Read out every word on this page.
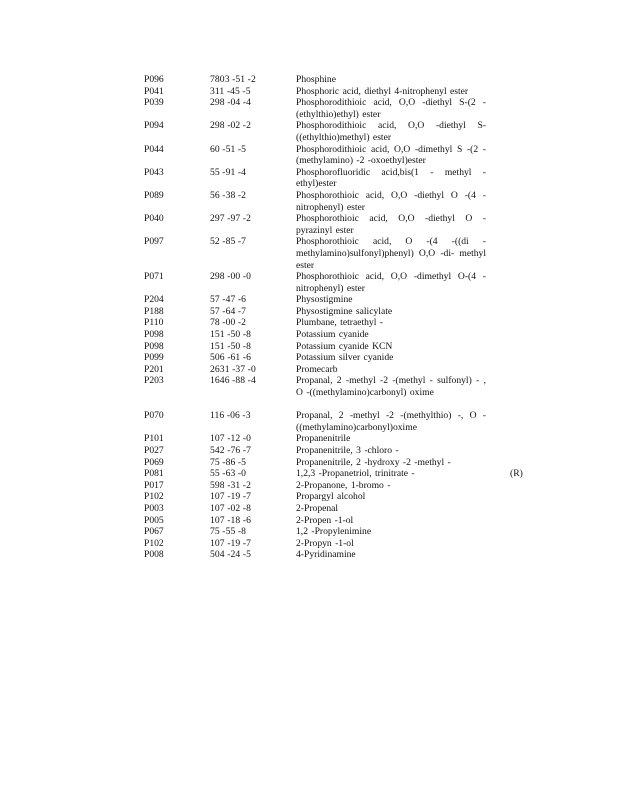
P096	7803 -51 -2	Phosphine
P041	311 -45 -5	Phosphoric acid, diethyl 4-nitrophenyl ester
P039	298 -04 -4	Phosphorodithioic acid, O,O -diethyl S-(2 -(ethylthio)ethyl) ester
P094	298 -02 -2	Phosphorodithioic acid, O,O -diethyl S-((ethylthio)methyl) ester
P044	60 -51 -5	Phosphorodithioic acid, O,O -dimethyl S -(2 -(methylamino) -2 -oxoethyl)ester
P043	55 -91 -4	Phosphorofluoridic acid,bis(1 - methyl - ethyl)ester
P089	56 -38 -2	Phosphorothioic acid, O,O -diethyl O -(4 -nitrophenyl) ester
P040	297 -97 -2	Phosphorothioic acid, O,O -diethyl O -pyrazinyl ester
P097	52 -85 -7	Phosphorothioic acid, O -(4 -((di - methylamino)sulfonyl)phenyl) O,O -di- methyl ester
P071	298 -00 -0	Phosphorothioic acid, O,O -dimethyl O-(4 -nitrophenyl) ester
P204	57 -47 -6	Physostigmine
P188	57 -64 -7	Physostigmine salicylate
P110	78 -00 -2	Plumbane, tetraethyl -
P098	151 -50 -8	Potassium cyanide
P098	151 -50 -8	Potassium cyanide KCN
P099	506 -61 -6	Potassium silver cyanide
P201	2631 -37 -0	Promecarb
P203	1646 -88 -4	Propanal, 2 -methyl -2 -(methyl - sulfonyl) - , O -((methylamino)carbonyl) oxime
P070	116 -06 -3	Propanal, 2 -methyl -2 -(methylthio) -, O -((methylamino)carbonyl)oxime
P101	107 -12 -0	Propanenitrile
P027	542 -76 -7	Propanenitrile, 3 -chloro -
P069	75 -86 -5	Propanenitrile, 2 -hydroxy -2 -methyl -
P081	55 -63 -0	1,2,3 -Propanetriol, trinitrate -	(R)
P017	598 -31 -2	2-Propanone, 1-bromo -
P102	107 -19 -7	Propargyl alcohol
P003	107 -02 -8	2-Propenal
P005	107 -18 -6	2-Propen -1-ol
P067	75 -55 -8	1,2 -Propylenimine
P102	107 -19 -7	2-Propyn -1-ol
P008	504 -24 -5	4-Pyridinamine
